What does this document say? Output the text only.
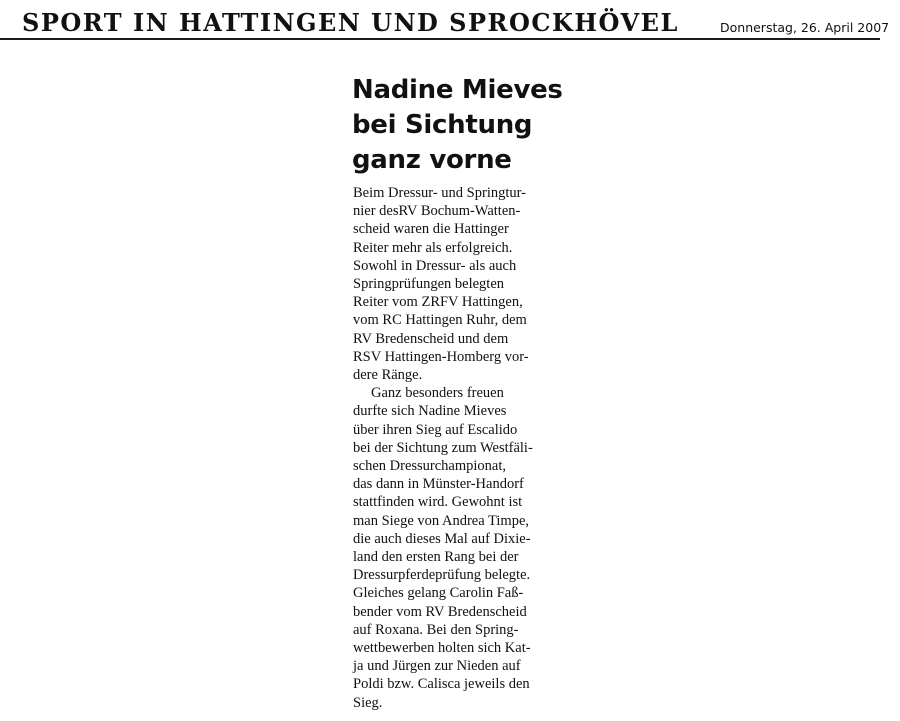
SPORT IN HATTINGEN UND SPROCKHÖVEL	Donnerstag, 26. April 2007
Nadine Mieves
bei Sichtung
ganz vorne

Beim Dressur- und Springtur-
nier desRV Bochum-Watten-
scheid waren die Hattinger
Reiter mehr als erfolgreich.
Sowohl in Dressur- als auch
Springprüfungen belegten
Reiter vom ZRFV Hattingen,
vom RC Hattingen Ruhr, dem
RV Bredenscheid und dem
RSV Hattingen-Homberg vor-
dere Ränge.

Ganz besonders freuen
durfte sich Nadine Mieves
über ihren Sieg auf Escalido
bei der Sichtung zum Westfäli-
schen Dressurchampionat,
das dann in Münster-Handorf
stattfinden wird. Gewohnt ist
man Siege von Andrea Timpe,
die auch dieses Mal auf Dixie-
land den ersten Rang bei der
Dressurpferdeprüfung belegte.
Gleiches gelang Carolin Faß-
bender vom RV Bredenscheid
auf Roxana. Bei den Spring-
wettbewerben holten sich Kat-
ja und Jürgen zur Nieden auf
Poldi bzw. Calisca jeweils den
Sieg.
